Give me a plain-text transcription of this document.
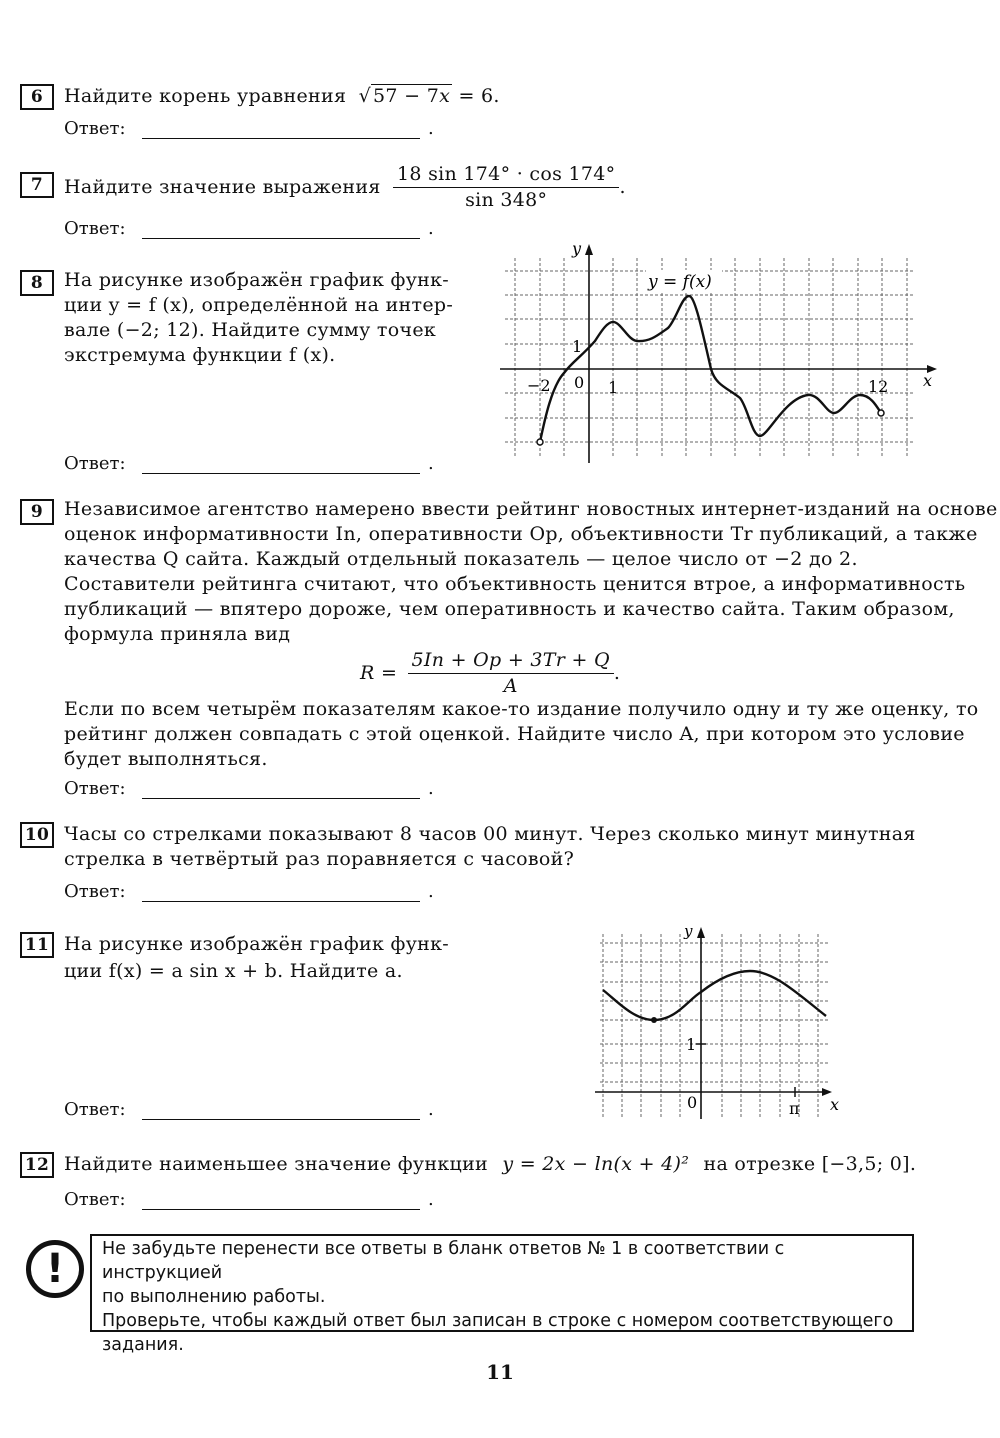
6	Найдите корень уравнения √ 57 − 7x = 6.
Ответ:	.
7	Найдите значение выражения $\frac{18 \sin 174^\circ \cdot \cos 174^\circ}{\sin 348^\circ}$ .
Ответ:	.
8	На рисунке изображён график функ-
ции y = f (x), определённой на интер-
вале (−2; 12). Найдите сумму точек
экстремума функции f (x).
Ответ:	.
y
x
y = f(x)
−2 0 1
1
12
9	Независимое агентство намерено ввести рейтинг новостных интернет-изданий на основе
оценок информативности In, оперативности Op, объективности Tr публикаций, а также
качества Q сайта. Каждый отдельный показатель — целое число от −2 до 2.
Составители рейтинга считают, что объективность ценится втрое, а информативность
публикаций — впятеро дороже, чем оперативность и качество сайта. Таким образом,
формула приняла вид
$R = \frac{5In + Op + 3Tr + Q}{A}$ .
Если по всем четырём показателям какое-то издание получило одну и ту же оценку, то
рейтинг должен совпадать с этой оценкой. Найдите число A, при котором это условие
будет выполняться.
Ответ:	.
10 Часы со стрелками показывают 8 часов 00 минут. Через сколько минут минутная
стрелка в четвёртый раз поравняется с часовой?
Ответ:	.
11 На рисунке изображён график функ-
ции f(x) = a sin x + b. Найдите a.
Ответ:	.
y
x
0
1
π
12 Найдите наименьшее значение функции y = 2x − ln(x + 4)² на отрезке [−3,5; 0].
Ответ:	.
!	Не забудьте перенести все ответы в бланк ответов № 1 в соответствии с инструкцией
по выполнению работы.
Проверьте, чтобы каждый ответ был записан в строке с номером соответствующего
задания.
11
